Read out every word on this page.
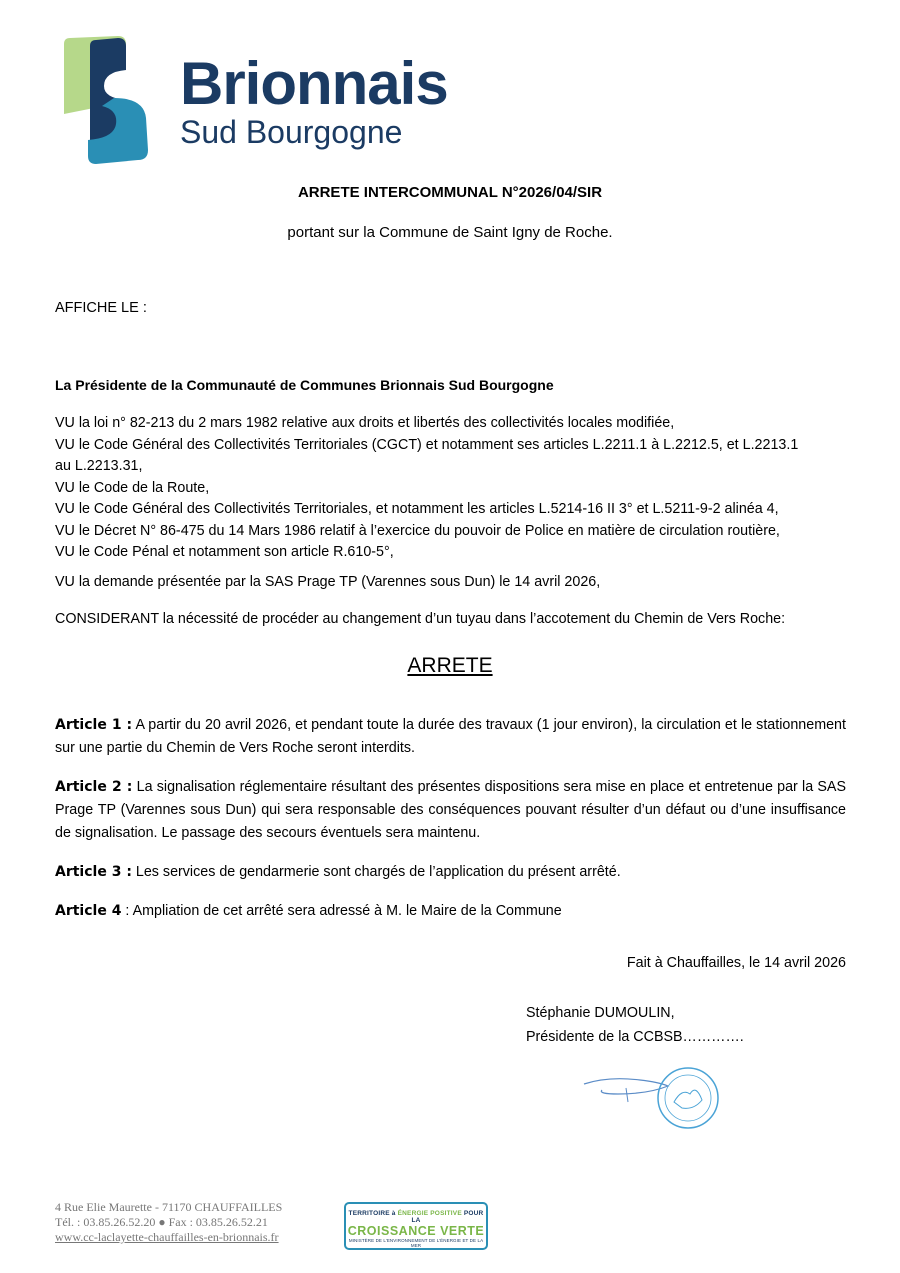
Brionnais
Sud Bourgogne
ARRETE INTERCOMMUNAL N°2026/04/SIR
portant sur la Commune de Saint Igny de Roche.
AFFICHE LE :
La Présidente de la Communauté de Communes Brionnais Sud Bourgogne
VU la loi n° 82-213 du 2 mars 1982 relative aux droits et libertés des collectivités locales modifiée,
VU le Code Général des Collectivités Territoriales (CGCT) et notamment ses articles L.2211.1 à L.2212.5, et L.2213.1
au L.2213.31,
VU le Code de la Route,
VU le Code Général des Collectivités Territoriales, et notamment les articles L.5214-16 II 3° et L.5211-9-2 alinéa 4,
VU le Décret N° 86-475 du 14 Mars 1986 relatif à l’exercice du pouvoir de Police en matière de circulation routière,
VU le Code Pénal et notamment son article R.610-5°,
VU la demande présentée par la SAS Prage TP (Varennes sous Dun) le 14 avril 2026,
CONSIDERANT la nécessité de procéder au changement d’un tuyau dans l’accotement du Chemin de Vers Roche:
ARRETE
Article 1 : A partir du 20 avril 2026, et pendant toute la durée des travaux (1 jour environ), la circulation et le stationnement sur une partie du Chemin de Vers Roche seront interdits.
Article 2 : La signalisation réglementaire résultant des présentes dispositions sera mise en place et entretenue par la SAS Prage TP (Varennes sous Dun) qui sera responsable des conséquences pouvant résulter d’un défaut ou d’une insuffisance de signalisation. Le passage des secours éventuels sera maintenu.
Article 3 : Les services de gendarmerie sont chargés de l’application du présent arrêté.
Article 4 : Ampliation de cet arrêté sera adressé à M. le Maire de la Commune
Fait à Chauffailles, le 14 avril 2026
Stéphanie DUMOULIN,
Présidente de la CCBSB………….
4 Rue Elie Maurette - 71170 CHAUFFAILLES
Tél. : 03.85.26.52.20 ● Fax : 03.85.26.52.21
www.cc-laclayette-chauffailles-en-brionnais.fr
TERRITOIRE à ÉNERGIE POSITIVE POUR LA
CROISSANCE VERTE
MINISTÈRE DE L’ENVIRONNEMENT DE L’ÉNERGIE ET DE LA MER
